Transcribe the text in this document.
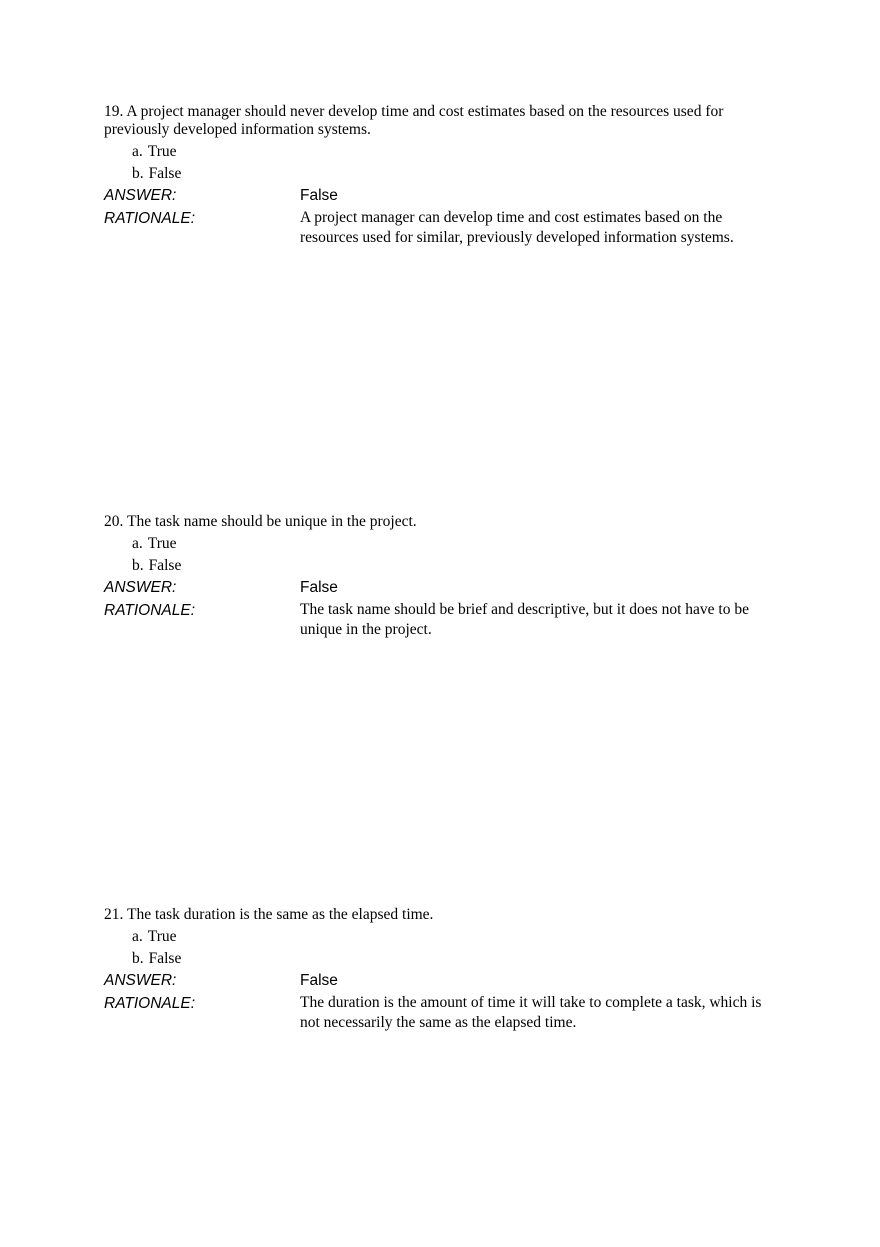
19. A project manager should never develop time and cost estimates based on the resources used for previously developed information systems.

a. True
b. False
ANSWER:	False
RATIONALE:	A project manager can develop time and cost estimates based on the resources used for similar, previously developed information systems.

20. The task name should be unique in the project.

a. True
b. False
ANSWER:	False
RATIONALE:	The task name should be brief and descriptive, but it does not have to be unique in the project.

21. The task duration is the same as the elapsed time.

a. True
b. False
ANSWER:	False
RATIONALE:	The duration is the amount of time it will take to complete a task, which is not necessarily the same as the elapsed time.
